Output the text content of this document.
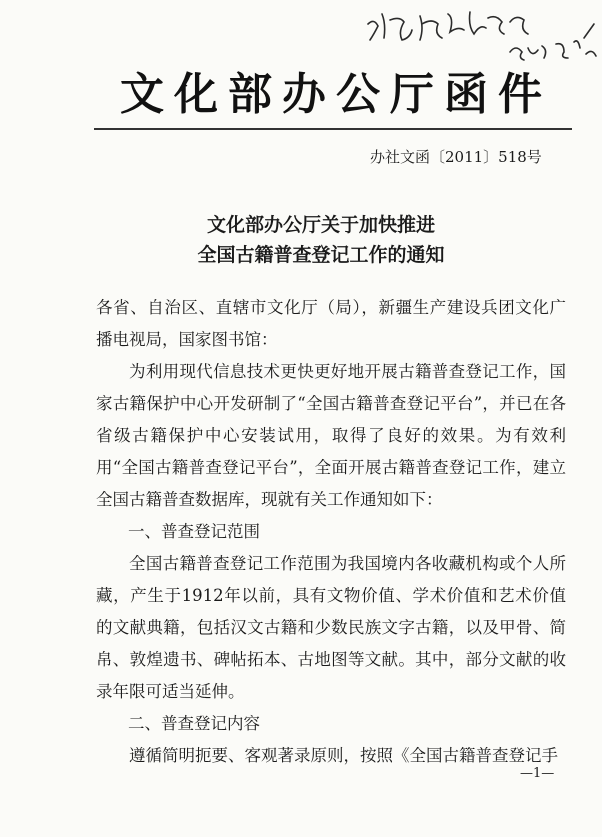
文化部办公厅函件
办社文函〔2011〕518号
文化部办公厅关于加快推进
全国古籍普查登记工作的通知

各省、自治区、直辖市文化厅（局），新疆生产建设兵团文化广播电视局，国家图书馆：

为利用现代信息技术更快更好地开展古籍普查登记工作，国家古籍保护中心开发研制了“全国古籍普查登记平台”，并已在各省级古籍保护中心安装试用，取得了良好的效果。为有效利用“全国古籍普查登记平台”，全面开展古籍普查登记工作，建立全国古籍普查数据库，现就有关工作通知如下：

一、普查登记范围

全国古籍普查登记工作范围为我国境内各收藏机构或个人所藏，产生于1912年以前，具有文物价值、学术价值和艺术价值的文献典籍，包括汉文古籍和少数民族文字古籍，以及甲骨、简帛、敦煌遗书、碑帖拓本、古地图等文献。其中，部分文献的收录年限可适当延伸。

二、普查登记内容

遵循简明扼要、客观著录原则，按照《全国古籍普查登记手

—1—
